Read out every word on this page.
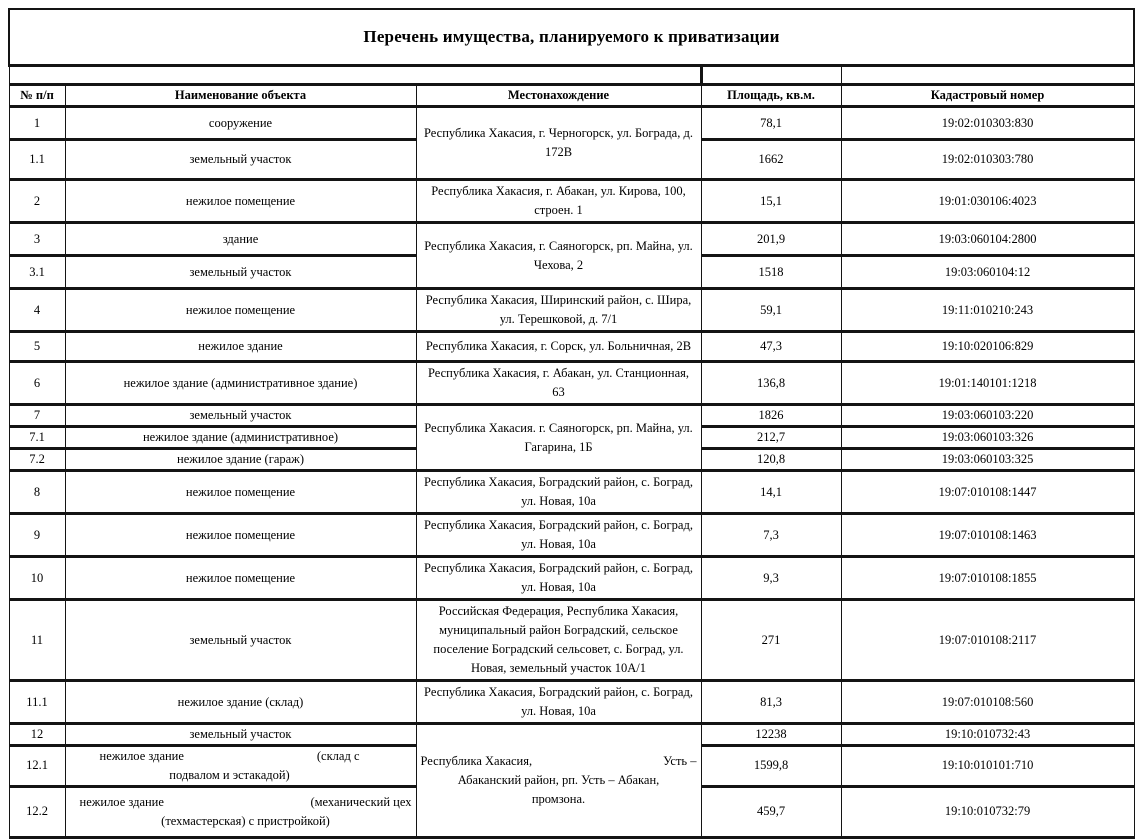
Перечень имущества, планируемого к приватизации				

№ п/п	Наименование объекта	Местонахождение	Площадь, кв.м.	Кадастровый номер
1	сооружение	Республика Хакасия, г. Черногорск, ул. Бограда, д. 172В	78,1	19:02:010303:830
1.1	земельный участок		1662	19:02:010303:780
2	нежилое помещение	Республика Хакасия, г. Абакан, ул. Кирова, 100, строен. 1	15,1	19:01:030106:4023
3	здание	Республика Хакасия, г. Саяногорск, рп. Майна, ул. Чехова, 2	201,9	19:03:060104:2800
3.1	земельный участок		1518	19:03:060104:12
4	нежилое помещение	Республика Хакасия, Ширинский район, с. Шира, ул. Терешковой, д. 7/1	59,1	19:11:010210:243
5	нежилое здание	Республика Хакасия, г. Сорск, ул. Больничная, 2В	47,3	19:10:020106:829
6	нежилое здание (административное здание)	Республика Хакасия, г. Абакан, ул. Станционная, 63	136,8	19:01:140101:1218
7	земельный участок	Республика Хакасия. г. Саяногорск, рп. Майна, ул. Гагарина, 1Б	1826	19:03:060103:220
7.1	нежилое здание (административное)		212,7	19:03:060103:326
7.2	нежилое здание (гараж)		120,8	19:03:060103:325
8	нежилое помещение	Республика Хакасия, Боградский район, с. Боград, ул. Новая, 10а	14,1	19:07:010108:1447
9	нежилое помещение	Республика Хакасия, Боградский район, с. Боград, ул. Новая, 10а	7,3	19:07:010108:1463
10	нежилое помещение	Республика Хакасия, Боградский район, с. Боград, ул. Новая, 10а	9,3	19:07:010108:1855
11	земельный участок	Российская Федерация, Республика Хакасия, муниципальный район Боградский, сельское поселение Боградский сельсовет, с. Боград, ул. Новая, земельный участок 10А/1	271	19:07:010108:2117
11.1	нежилое здание (склад)	Республика Хакасия, Боградский район, с. Боград, ул. Новая, 10а	81,3	19:07:010108:560
12	земельный участок	Республика Хакасия, Усть –
Абаканский район, рп. Усть – Абакан,
промзона.	12238	19:10:010732:43
12.1	нежилое здание (склад с
подвалом и эстакадой)		1599,8	19:10:010101:710
12.2	нежилое здание (механический цех
(техмастерская) с пристройкой)		459,7	19:10:010732:79
